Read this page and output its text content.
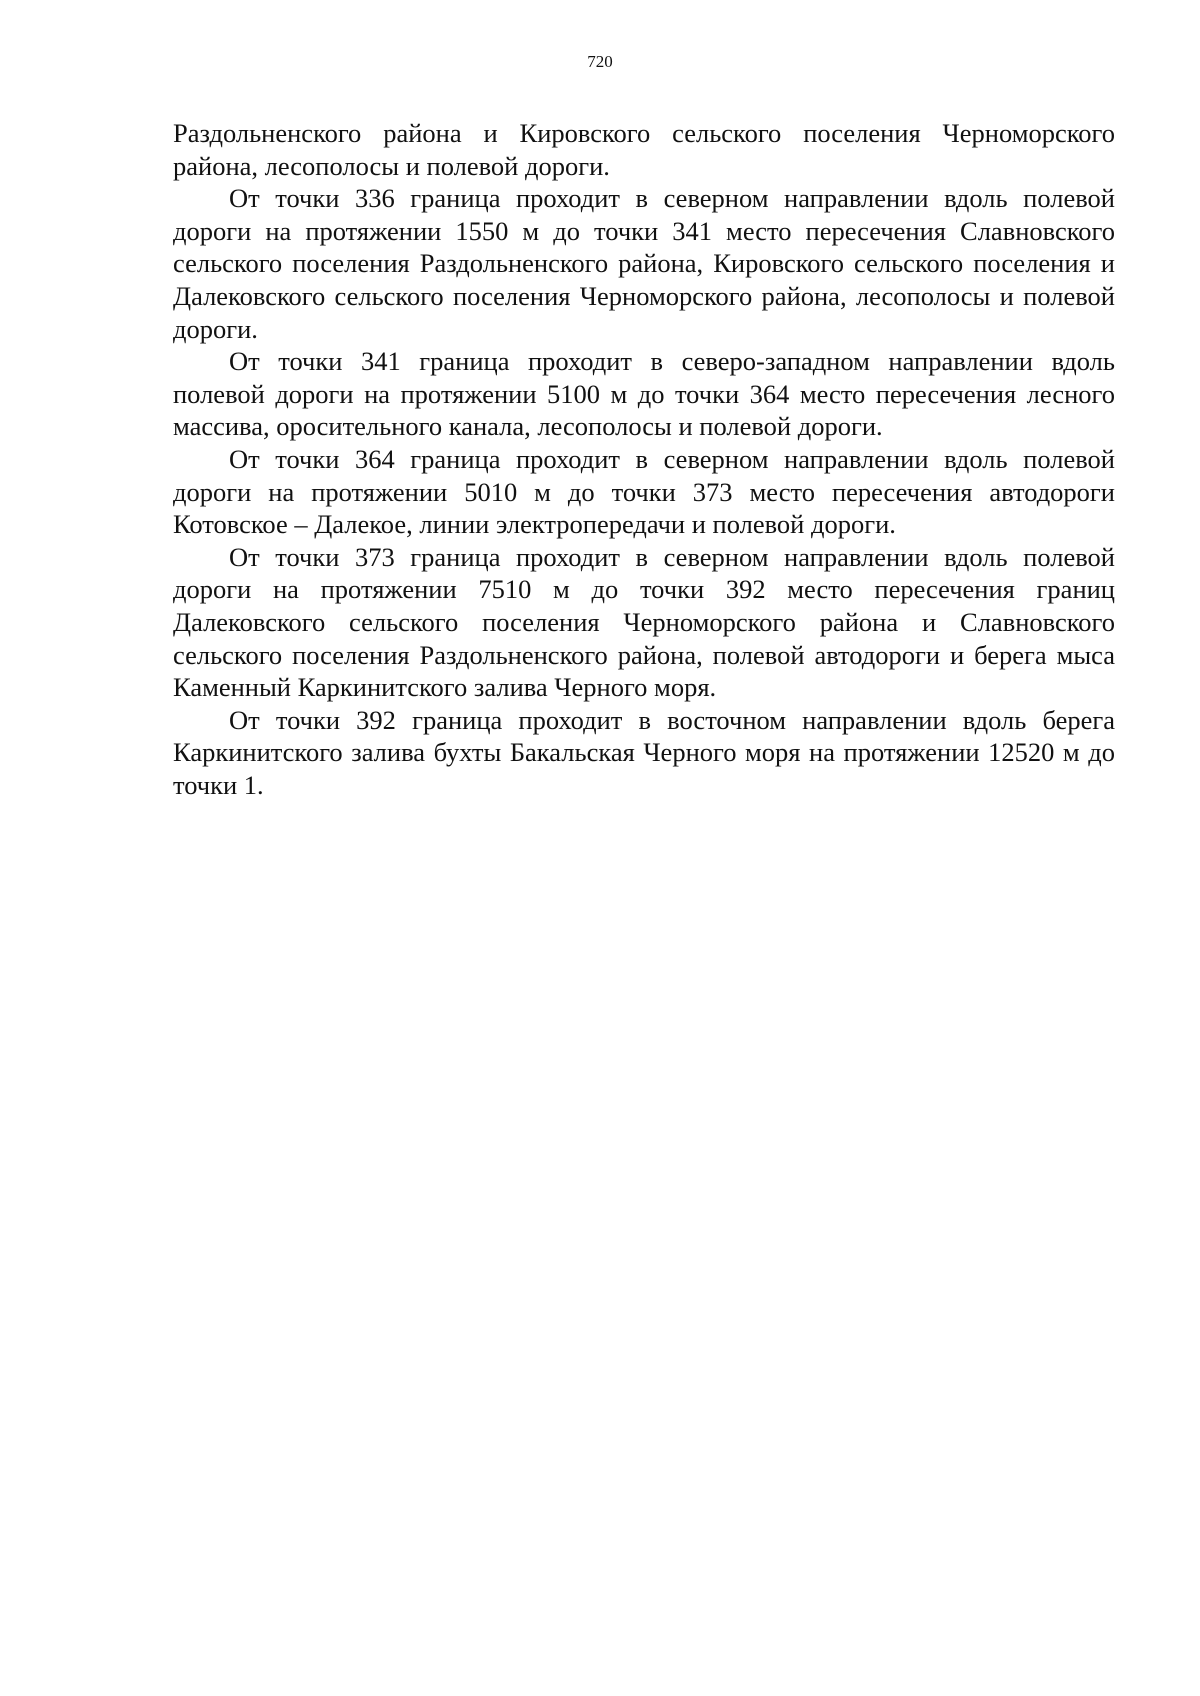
720

Раздольненского района и Кировского сельского поселения Черноморского района, лесополосы и полевой дороги.

От точки 336 граница проходит в северном направлении вдоль полевой дороги на протяжении 1550 м до точки 341 место пересечения Славновского сельского поселения Раздольненского района, Кировского сельского поселения и Далековского сельского поселения Черноморского района, лесополосы и полевой дороги.

От точки 341 граница проходит в северо-западном направлении вдоль полевой дороги на протяжении 5100 м до точки 364 место пересечения лесного массива, оросительного канала, лесополосы и полевой дороги.

От точки 364 граница проходит в северном направлении вдоль полевой дороги на протяжении 5010 м до точки 373 место пересечения автодороги Котовское – Далекое, линии электропередачи и полевой дороги.

От точки 373 граница проходит в северном направлении вдоль полевой дороги на протяжении 7510 м до точки 392 место пересечения границ Далековского сельского поселения Черноморского района и Славновского сельского поселения Раздольненского района, полевой автодороги и берега мыса Каменный Каркинитского залива Черного моря.

От точки 392 граница проходит в восточном направлении вдоль берега Каркинитского залива бухты Бакальская Черного моря на протяжении 12520 м до точки 1.
